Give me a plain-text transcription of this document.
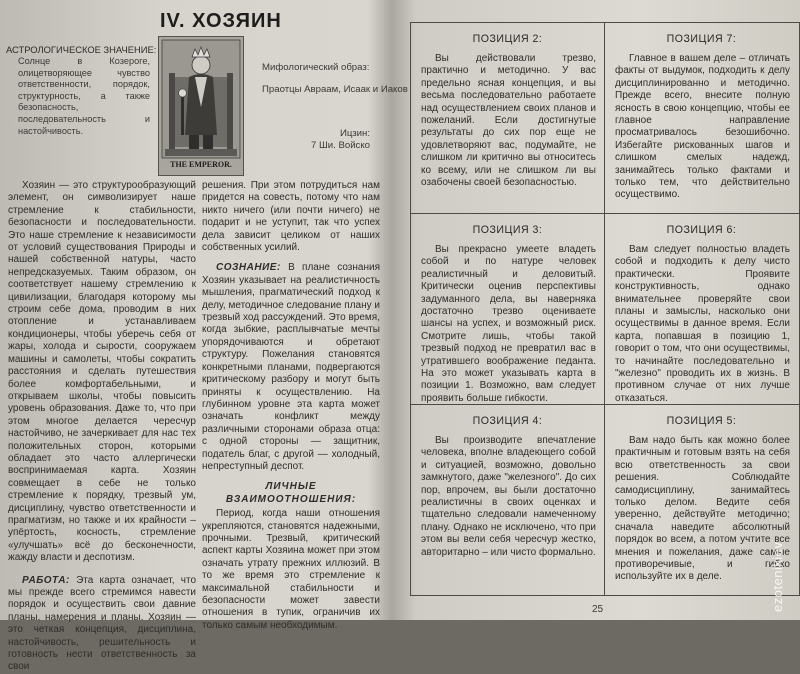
IV. ХОЗЯИН
АСТРОЛОГИЧЕСКОЕ ЗНАЧЕНИЕ:
Солнце в Козероге, олицетворяющее чувство ответственности, порядок, структурность, а также безопасность, последовательность и настойчивость.
THE EMPEROR.
Мифологический образ:
Праотцы Авраам, Исаак и Иаков
Ицзин:
7 Ши. Войско

Хозяин — это структурообразующий элемент, он символизирует наше стремление к стабильности, безопасности и последовательности. Это наше стремление к независимости от условий существования Природы и нашей собственной натуры, часто непредсказуемых. Таким образом, он соответствует нашему стремлению к цивилизации, благодаря которому мы строим себе дома, проводим в них отопление и устанавливаем кондиционеры, чтобы уберечь себя от жары, холода и сырости, сооружаем машины и самолеты, чтобы сократить расстояния и сделать путешествия более комфортабельными, и открываем школы, чтобы повысить уровень образования. Даже то, что при этом многое делается чересчур настойчиво, не зачеркивает для нас тех положительных сторон, которыми обладает это часто аллергически воспринимаемая карта. Хозяин совмещает в себе не только стремление к порядку, трезвый ум, дисциплину, чувство ответственности и прагматизм, но также и их крайности – упёртость, косность, стремление «улучшать» всё до бесконечности, жажду власти и деспотизм.

РАБОТА: Эта карта означает, что мы прежде всего стремимся навести порядок и осуществить свои давние планы, намерения и планы. Хозяин — это четкая концепция, дисциплина, настойчивость, решительность и готовность нести ответственность за свои

решения. При этом потрудиться нам придется на совесть, потому что нам никто ничего (или почти ничего) не подарит и не уступит, так что успех дела зависит целиком от наших собственных усилий.

СОЗНАНИЕ: В плане сознания Хозяин указывает на реалистичность мышления, прагматический подход к делу, методичное следование плану и трезвый ход рассуждений. Это время, когда зыбкие, расплывчатые мечты упорядочиваются и обретают структуру. Пожелания становятся конкретными планами, подвергаются критическому разбору и могут быть приняты к осуществлению. На глубинном уровне эта карта может означать конфликт между различными сторонами образа отца: с одной стороны — защитник, податель благ, с другой — холодный, непреступный деспот.

ЛИЧНЫЕ ВЗАИМООТНОШЕНИЯ:

Период, когда наши отношения укрепляются, становятся надежными, прочными. Трезвый, критический аспект карты Хозяина может при этом означать утрату прежних иллюзий. В то же время это стремление к максимальной стабильности и безопасности может завести отношения в тупик, ограничив их только самым необходимым.

ПОЗИЦИЯ 2:
Вы действовали трезво, практично и методично. У вас предельно ясная концепция, и вы весьма последовательно работаете над осуществлением своих планов и пожеланий. Если достигнутые результаты до сих пор еще не удовлетворяют вас, подумайте, не слишком ли критично вы относитесь ко всему, или не слишком ли вы озабочены своей безопасностью.
ПОЗИЦИЯ 7:
Главное в вашем деле – отличать факты от выдумок, подходить к делу дисциплинированно и методично. Прежде всего, внесите полную ясность в свою концепцию, чтобы ее главное направление просматривалось безошибочно. Избегайте рискованных шагов и слишком смелых надежд, занимайтесь только фактами и только тем, что действительно осуществимо.
ПОЗИЦИЯ 3:
Вы прекрасно умеете владеть собой и по натуре человек реалистичный и деловитый. Критически оценив перспективы задуманного дела, вы наверняка достаточно трезво оцениваете шансы на успех, и возможный риск. Смотрите лишь, чтобы такой трезвый подход не превратил вас в утратившего воображение педанта. На это может указывать карта в позиции 1. Возможно, вам следует проявить больше гибкости.
ПОЗИЦИЯ 6:
Вам следует полностью владеть собой и подходить к делу чисто практически. Проявите конструктивность, однако внимательнее проверяйте свои планы и замыслы, насколько они осуществимы в данное время. Если карта, попавшая в позицию 1, говорит о том, что они осуществимы, то начинайте последовательно и "железно" проводить их в жизнь. В противном случае от них лучше отказаться.
ПОЗИЦИЯ 4:
Вы производите впечатление человека, вполне владеющего собой и ситуацией, возможно, довольно замкнутого, даже "железного". До сих пор, впрочем, вы были достаточно реалистичны в своих оценках и тщательно следовали намеченному плану. Однако не исключено, что при этом вы вели себя чересчур жестко, авторитарно – или чисто формально.
ПОЗИЦИЯ 5:
Вам надо быть как можно более практичным и готовым взять на себя всю ответственность за свои решения. Соблюдайте самодисциплину, занимайтесь только делом. Ведите себя уверенно, действуйте методично; сначала наведите абсолютный порядок во всем, а потом учтите все мнения и пожелания, даже самые противоречивые, и гибко используйте их в деле.
25	ezotenikiev
